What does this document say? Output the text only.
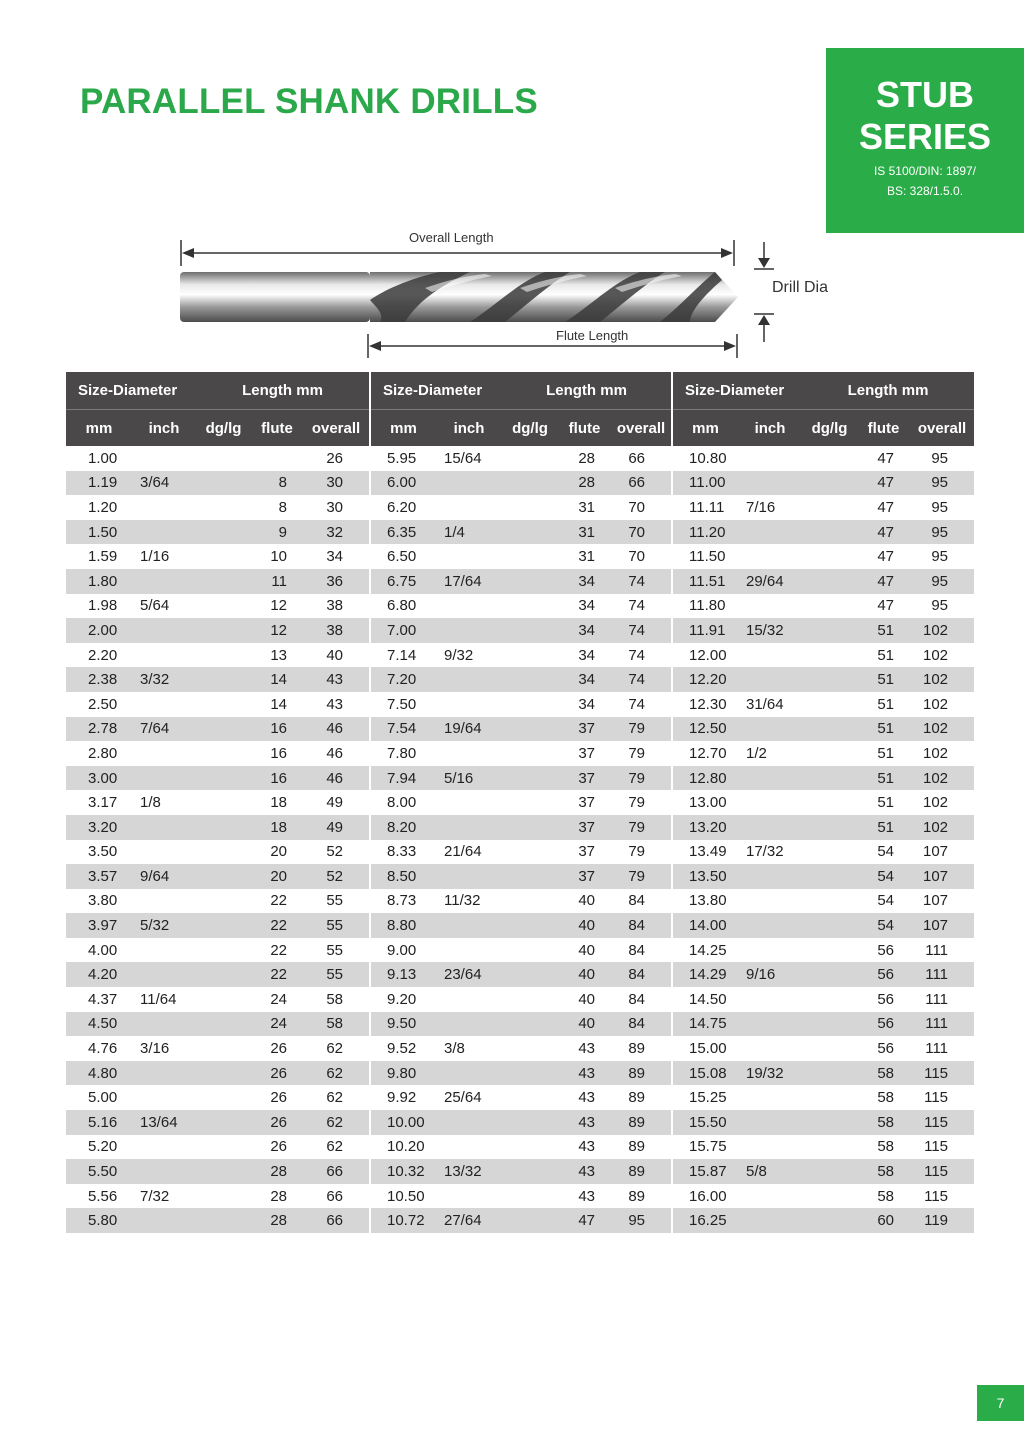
PARALLEL SHANK DRILLS	STUB
SERIES
IS 5100/DIN: 1897/
BS: 328/1.5.0.
Overall Length
Flute Length
Drill Dia
Size-Diameter		Length mm			Size-Diameter		Length mm			Size-Diameter		Length mm		
mm	inch	dg/lg	flute	overall	mm	inch	dg/lg	flute	overall	mm	inch	dg/lg	flute	overall
1.00				26	5.95	15/64		28	66	10.80			47	95
1.19	3/64		8	30	6.00			28	66	11.00			47	95
1.20			8	30	6.20			31	70	11.11	7/16		47	95
1.50			9	32	6.35	1/4		31	70	11.20			47	95
1.59	1/16		10	34	6.50			31	70	11.50			47	95
1.80			11	36	6.75	17/64		34	74	11.51	29/64		47	95
1.98	5/64		12	38	6.80			34	74	11.80			47	95
2.00			12	38	7.00			34	74	11.91	15/32		51	102
2.20			13	40	7.14	9/32		34	74	12.00			51	102
2.38	3/32		14	43	7.20			34	74	12.20			51	102
2.50			14	43	7.50			34	74	12.30	31/64		51	102
2.78	7/64		16	46	7.54	19/64		37	79	12.50			51	102
2.80			16	46	7.80			37	79	12.70	1/2		51	102
3.00			16	46	7.94	5/16		37	79	12.80			51	102
3.17	1/8		18	49	8.00			37	79	13.00			51	102
3.20			18	49	8.20			37	79	13.20			51	102
3.50			20	52	8.33	21/64		37	79	13.49	17/32		54	107
3.57	9/64		20	52	8.50			37	79	13.50			54	107
3.80			22	55	8.73	11/32		40	84	13.80			54	107
3.97	5/32		22	55	8.80			40	84	14.00			54	107
4.00			22	55	9.00			40	84	14.25			56	111
4.20			22	55	9.13	23/64		40	84	14.29	9/16		56	111
4.37	11/64		24	58	9.20			40	84	14.50			56	111
4.50			24	58	9.50			40	84	14.75			56	111
4.76	3/16		26	62	9.52	3/8		43	89	15.00			56	111
4.80			26	62	9.80			43	89	15.08	19/32		58	115
5.00			26	62	9.92	25/64		43	89	15.25			58	115
5.16	13/64		26	62	10.00			43	89	15.50			58	115
5.20			26	62	10.20			43	89	15.75			58	115
5.50			28	66	10.32	13/32		43	89	15.87	5/8		58	115
5.56	7/32		28	66	10.50			43	89	16.00			58	115
5.80			28	66	10.72	27/64		47	95	16.25			60	119
7
